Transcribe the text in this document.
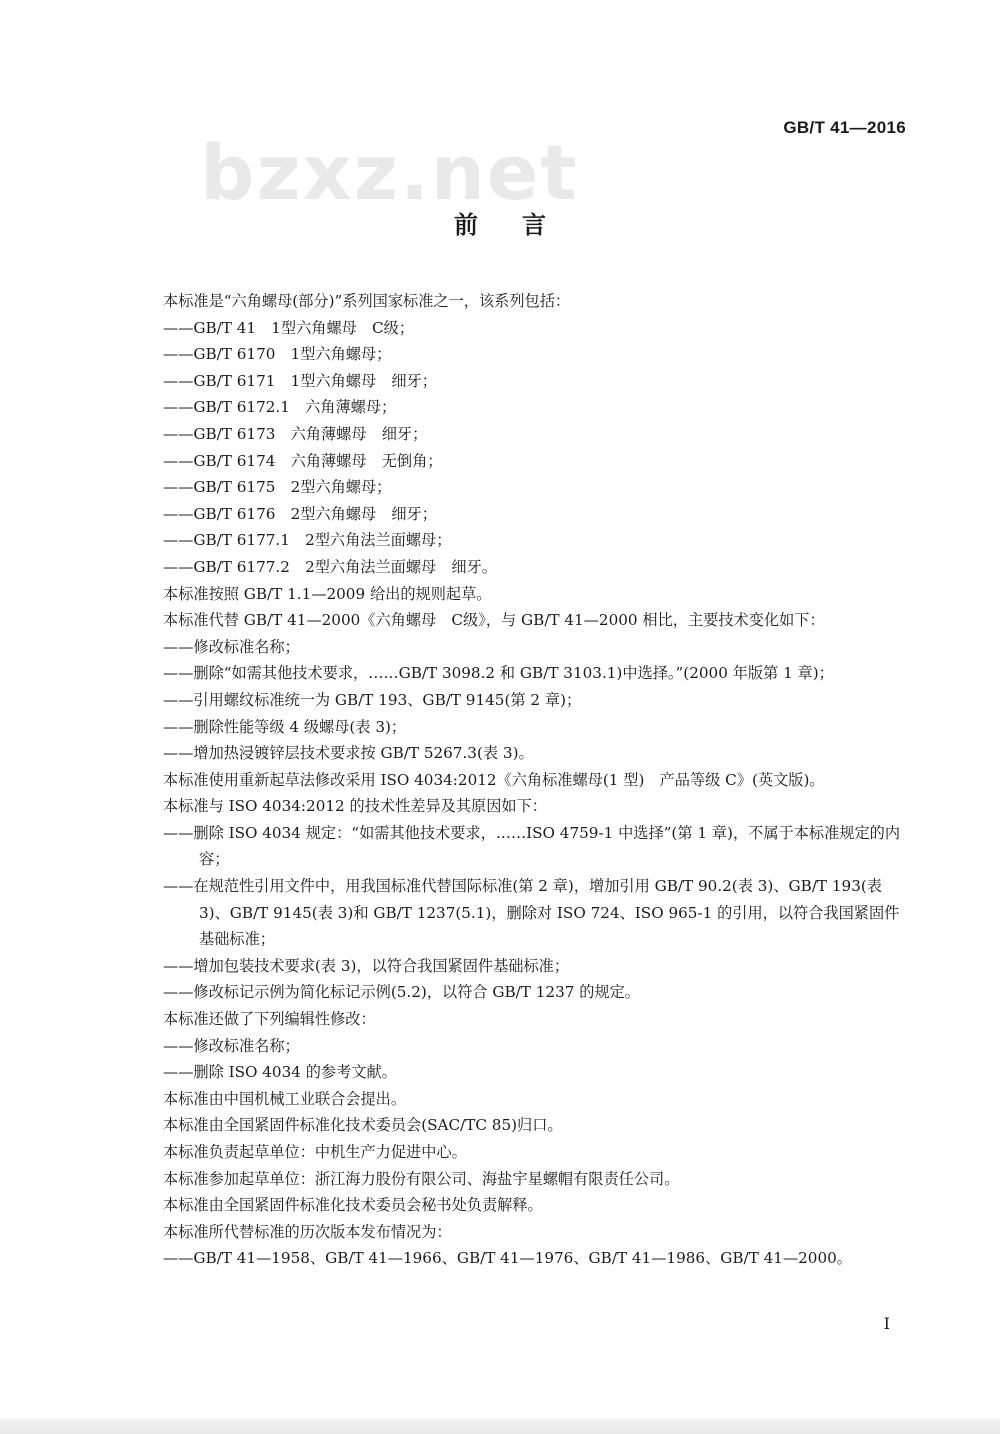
bzxz.net
GB/T 41—2016
前言
本标准是“六角螺母(部分)”系列国家标准之一，该系列包括：
——GB/T 41　1型六角螺母　C级；
——GB/T 6170　1型六角螺母；
——GB/T 6171　1型六角螺母　细牙；
——GB/T 6172.1　六角薄螺母；
——GB/T 6173　六角薄螺母　细牙；
——GB/T 6174　六角薄螺母　无倒角；
——GB/T 6175　2型六角螺母；
——GB/T 6176　2型六角螺母　细牙；
——GB/T 6177.1　2型六角法兰面螺母；
——GB/T 6177.2　2型六角法兰面螺母　细牙。
本标准按照 GB/T 1.1—2009 给出的规则起草。
本标准代替 GB/T 41—2000《六角螺母　C级》，与 GB/T 41—2000 相比，主要技术变化如下：
——修改标准名称；
——删除“如需其他技术要求，……GB/T 3098.2 和 GB/T 3103.1)中选择。”(2000 年版第 1 章)；
——引用螺纹标准统一为 GB/T 193、GB/T 9145(第 2 章)；
——删除性能等级 4 级螺母(表 3)；
——增加热浸镀锌层技术要求按 GB/T 5267.3(表 3)。
本标准使用重新起草法修改采用 ISO 4034:2012《六角标准螺母(1 型)　产品等级 C》(英文版)。
本标准与 ISO 4034:2012 的技术性差异及其原因如下：
——删除 ISO 4034 规定：“如需其他技术要求，……ISO 4759-1 中选择”(第 1 章)，不属于本标准规定的内容；
——在规范性引用文件中，用我国标准代替国际标准(第 2 章)，增加引用 GB/T 90.2(表 3)、GB/T 193(表 3)、GB/T 9145(表 3)和 GB/T 1237(5.1)，删除对 ISO 724、ISO 965-1 的引用，以符合我国紧固件基础标准；
——增加包装技术要求(表 3)，以符合我国紧固件基础标准；
——修改标记示例为简化标记示例(5.2)，以符合 GB/T 1237 的规定。
本标准还做了下列编辑性修改：
——修改标准名称；
——删除 ISO 4034 的参考文献。
本标准由中国机械工业联合会提出。
本标准由全国紧固件标准化技术委员会(SAC/TC 85)归口。
本标准负责起草单位：中机生产力促进中心。
本标准参加起草单位：浙江海力股份有限公司、海盐宇星螺帽有限责任公司。
本标准由全国紧固件标准化技术委员会秘书处负责解释。
本标准所代替标准的历次版本发布情况为：
——GB/T 41—1958、GB/T 41—1966、GB/T 41—1976、GB/T 41—1986、GB/T 41—2000。
I
